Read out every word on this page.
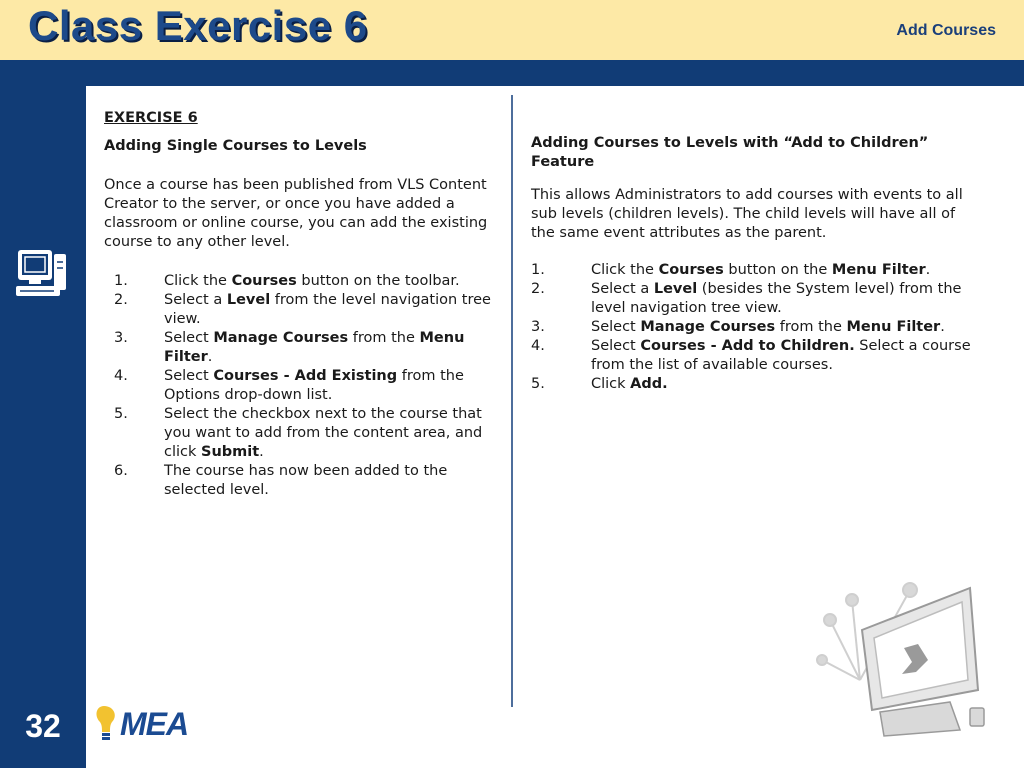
Class Exercise 6	Add Courses
32
EXERCISE 6
Adding Single Courses to Levels
Once a course has been published from VLS Content Creator to the server, or once you have added a classroom or online course, you can add the existing course to any other level.
1. Click the Courses button on the toolbar.
2. Select a Level from the level navigation tree view.
3. Select Manage Courses from the Menu Filter.
4. Select Courses - Add Existing from the Options drop-down list.
5. Select the checkbox next to the course that you want to add from the content area, and click Submit.
6. The course has now been added to the selected level.
Adding Courses to Levels with “Add to Children” Feature
This allows Administrators to add courses with events to all sub levels (children levels). The child levels will have all of the same event attributes as the parent.
1.	Click the Courses button on the Menu Filter.
2.	Select a Level (besides the System level) from the level navigation tree view.
3.	Select Manage Courses from the Menu Filter.
4.	Select Courses - Add to Children. Select a course from the list of available courses.
5.	Click Add.
MEA
